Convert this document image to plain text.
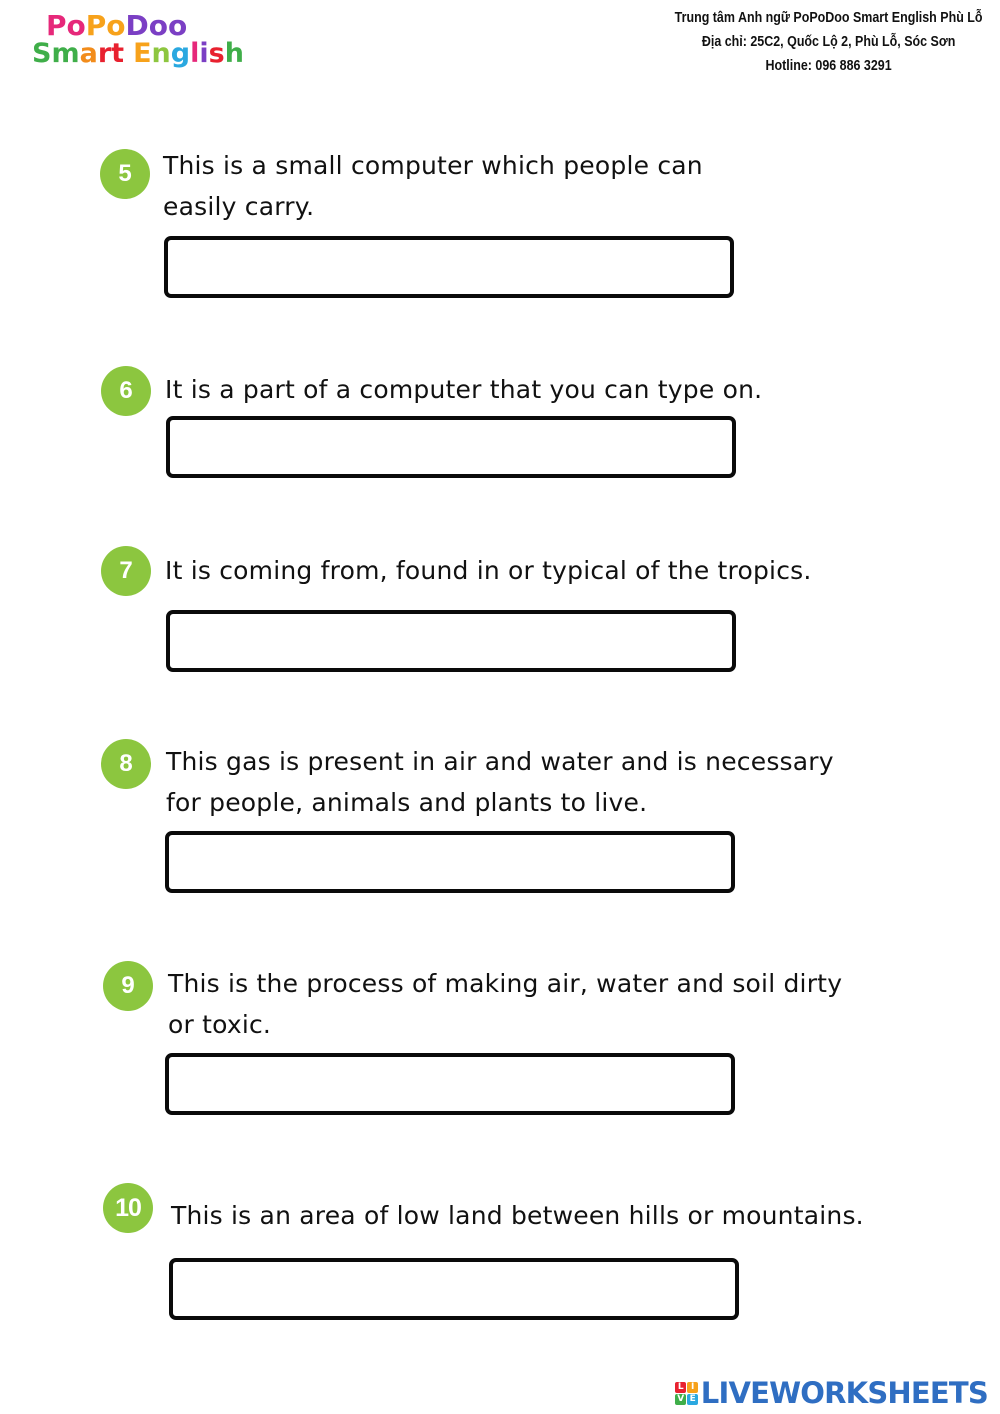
Po Po Doo
S m a r t E n g l i s h
Trung tâm Anh ngữ PoPoDoo Smart English Phù Lỗ
Địa chỉ: 25C2, Quốc Lộ 2, Phù Lỗ, Sóc Sơn
Hotline: 096 886 3291
5	This is a small computer which people can
easily carry.
6	It is a part of a computer that you can type on.
7	It is coming from, found in or typical of the tropics.
8	This gas is present in air and water and is necessary
for people, animals and plants to live.
9	This is the process of making air, water and soil dirty
or toxic.
10	This is an area of low land between hills or mountains.
L I
V E LIVEWORKSHEETS
